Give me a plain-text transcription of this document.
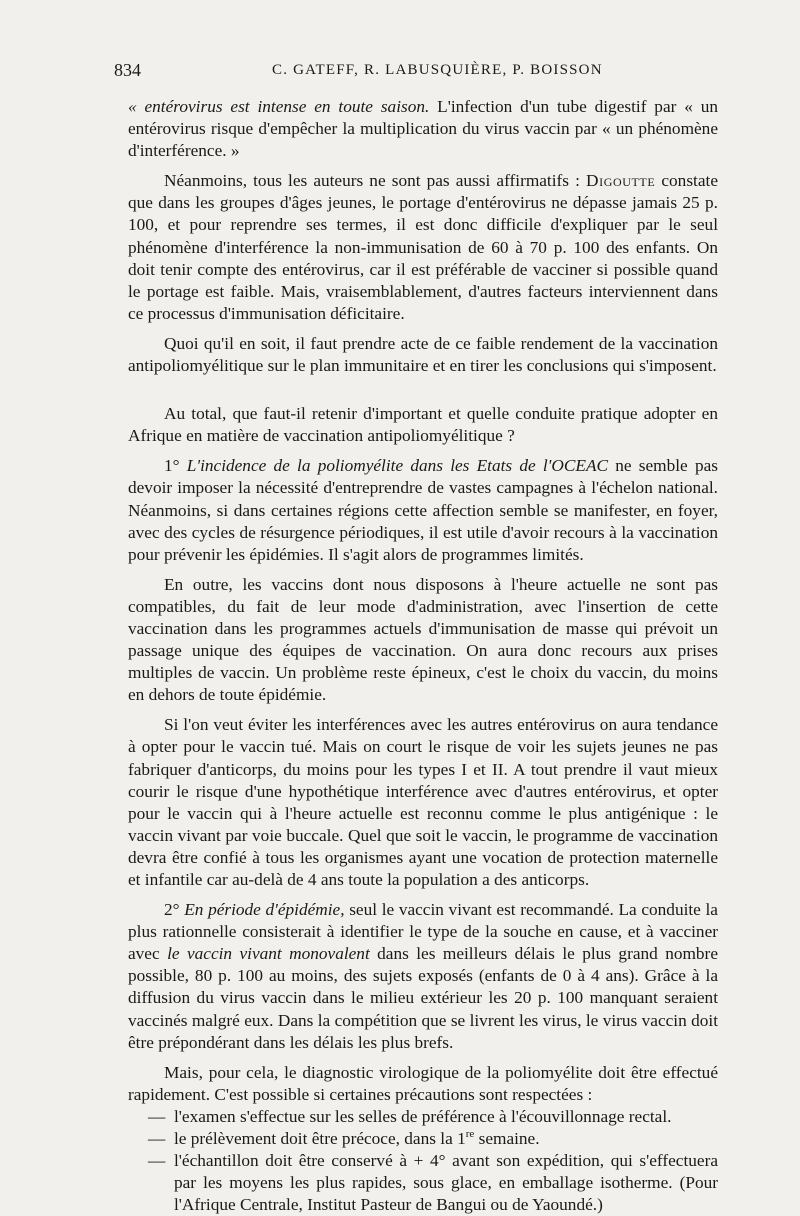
834	C. GATEFF, R. LABUSQUIÈRE, P. BOISSON

« entérovirus est intense en toute saison. L'infection d'un tube digestif par « un entérovirus risque d'empêcher la multiplication du virus vaccin par « un phénomène d'interférence. »

Néanmoins, tous les auteurs ne sont pas aussi affirmatifs : Digoutte constate que dans les groupes d'âges jeunes, le portage d'entérovirus ne dépasse jamais 25 p. 100, et pour reprendre ses termes, il est donc difficile d'expliquer par le seul phénomène d'interférence la non-immunisation de 60 à 70 p. 100 des enfants. On doit tenir compte des entérovirus, car il est préférable de vacciner si possible quand le portage est faible. Mais, vraisemblablement, d'autres facteurs interviennent dans ce processus d'immunisation déficitaire.

Quoi qu'il en soit, il faut prendre acte de ce faible rendement de la vaccination antipoliomyélitique sur le plan immunitaire et en tirer les conclusions qui s'imposent.

Au total, que faut-il retenir d'important et quelle conduite pratique adopter en Afrique en matière de vaccination antipoliomyélitique ?

1° L'incidence de la poliomyélite dans les Etats de l'OCEAC ne semble pas devoir imposer la nécessité d'entreprendre de vastes campagnes à l'échelon national. Néanmoins, si dans certaines régions cette affection semble se manifester, en foyer, avec des cycles de résurgence périodiques, il est utile d'avoir recours à la vaccination pour prévenir les épidémies. Il s'agit alors de programmes limités.

En outre, les vaccins dont nous disposons à l'heure actuelle ne sont pas compatibles, du fait de leur mode d'administration, avec l'insertion de cette vaccination dans les programmes actuels d'immunisation de masse qui prévoit un passage unique des équipes de vaccination. On aura donc recours aux prises multiples de vaccin. Un problème reste épineux, c'est le choix du vaccin, du moins en dehors de toute épidémie.

Si l'on veut éviter les interférences avec les autres entérovirus on aura tendance à opter pour le vaccin tué. Mais on court le risque de voir les sujets jeunes ne pas fabriquer d'anticorps, du moins pour les types I et II. A tout prendre il vaut mieux courir le risque d'une hypothétique interférence avec d'autres entérovirus, et opter pour le vaccin qui à l'heure actuelle est reconnu comme le plus antigénique : le vaccin vivant par voie buccale. Quel que soit le vaccin, le programme de vaccination devra être confié à tous les organismes ayant une vocation de protection maternelle et infantile car au-delà de 4 ans toute la population a des anticorps.

2° En période d'épidémie, seul le vaccin vivant est recommandé. La conduite la plus rationnelle consisterait à identifier le type de la souche en cause, et à vacciner avec le vaccin vivant monovalent dans les meilleurs délais le plus grand nombre possible, 80 p. 100 au moins, des sujets exposés (enfants de 0 à 4 ans). Grâce à la diffusion du virus vaccin dans le milieu extérieur les 20 p. 100 manquant seraient vaccinés malgré eux. Dans la compétition que se livrent les virus, le virus vaccin doit être prépondérant dans les délais les plus brefs.

Mais, pour cela, le diagnostic virologique de la poliomyélite doit être effectué rapidement. C'est possible si certaines précautions sont respectées :

— l'examen s'effectue sur les selles de préférence à l'écouvillonnage rectal.
— le prélèvement doit être précoce, dans la 1re semaine.
— l'échantillon doit être conservé à + 4° avant son expédition, qui s'effectuera par les moyens les plus rapides, sous glace, en emballage isotherme. (Pour l'Afrique Centrale, Institut Pasteur de Bangui ou de Yaoundé.)
